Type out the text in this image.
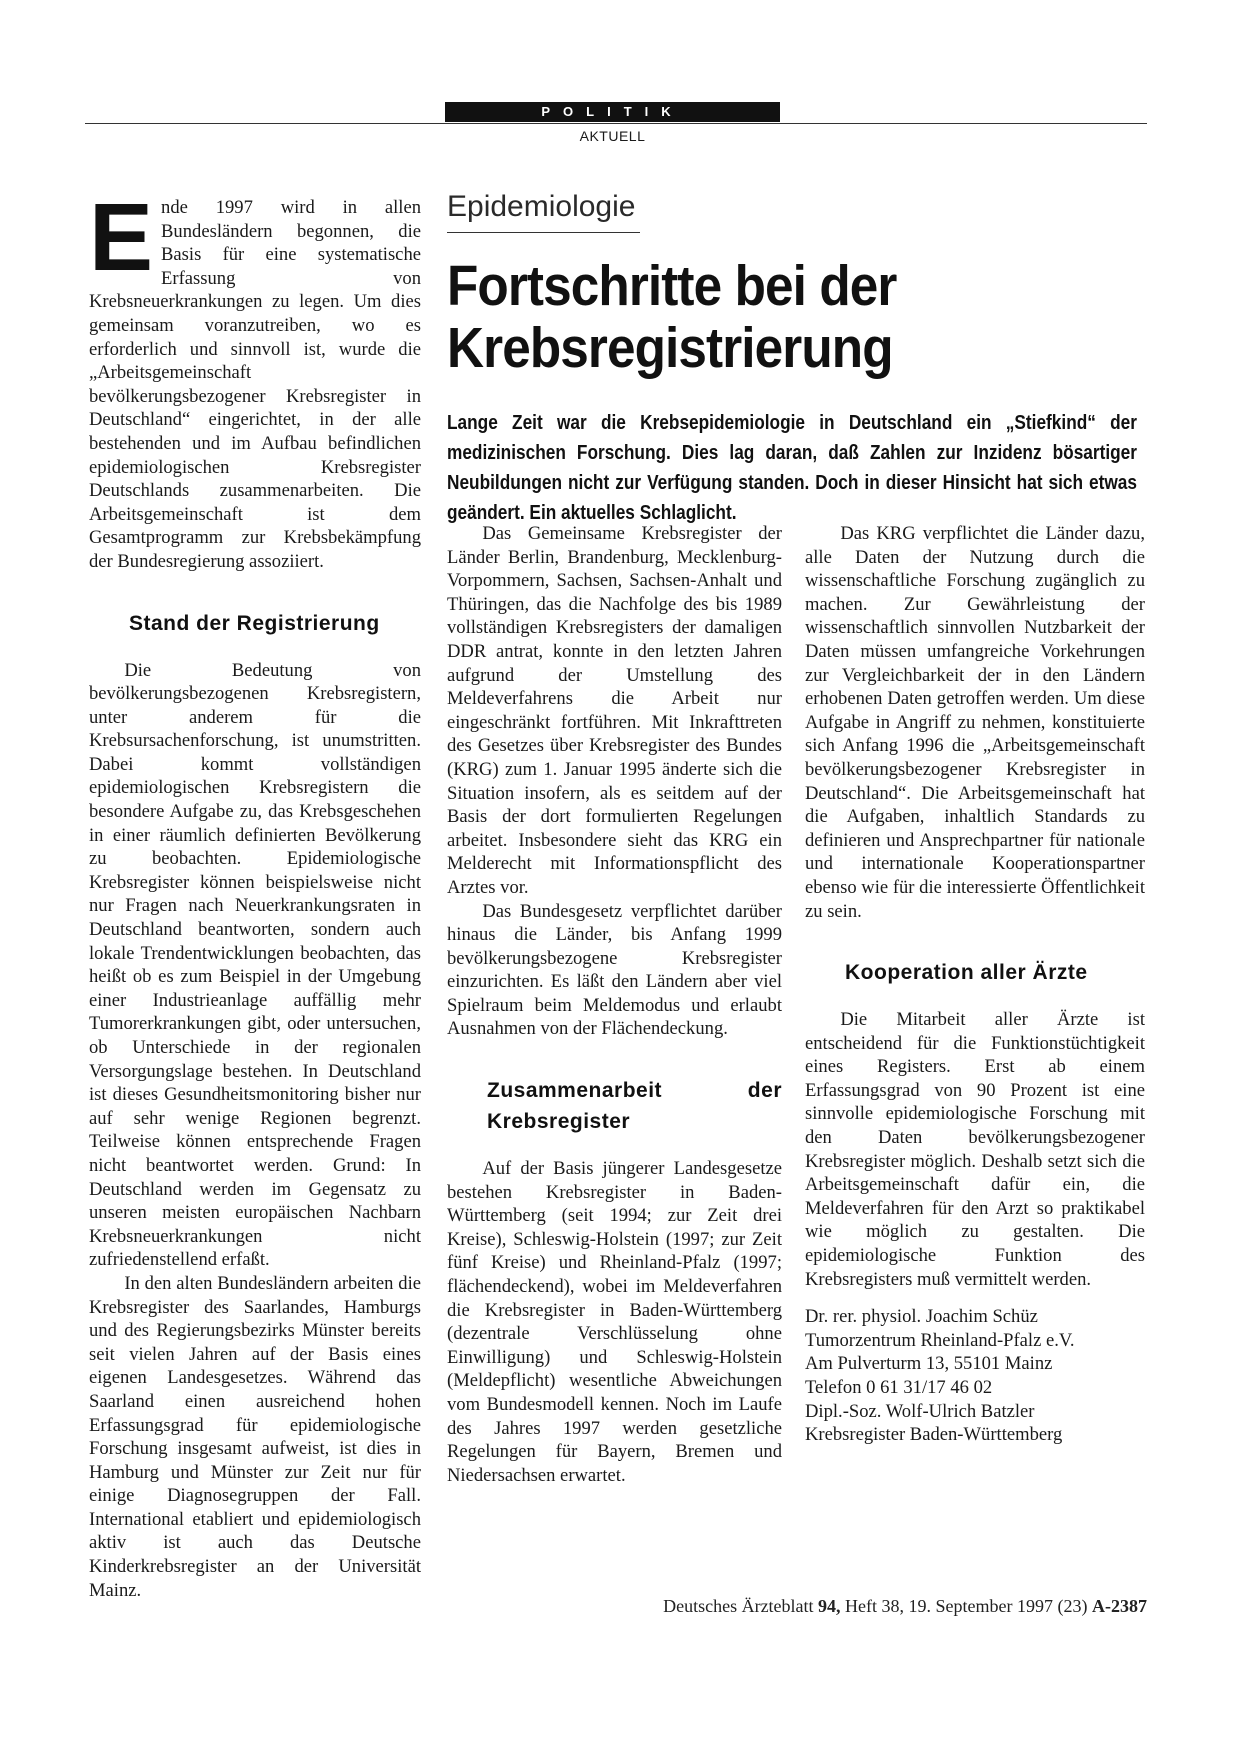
POLITIK
AKTUELL
Epidemiologie
Fortschritte bei der Krebsregistrierung

Lange Zeit war die Krebsepidemiologie in Deutschland ein „Stiefkind“ der medizinischen Forschung. Dies lag daran, daß Zahlen zur Inzidenz bösartiger Neubildungen nicht zur Verfügung standen. Doch in dieser Hinsicht hat sich etwas geändert. Ein aktuelles Schlaglicht.

Ende 1997 wird in allen Bundesländern begonnen, die Basis für eine systematische Erfassung von Krebsneuerkrankungen zu legen. Um dies gemeinsam voranzutreiben, wo es erforderlich und sinnvoll ist, wurde die „Arbeitsgemeinschaft bevölkerungsbezogener Krebsregister in Deutschland“ eingerichtet, in der alle bestehenden und im Aufbau befindlichen epidemiologischen Krebsregister Deutschlands zusammenarbeiten. Die Arbeitsgemeinschaft ist dem Gesamtprogramm zur Krebsbekämpfung der Bundesregierung assoziiert.

Stand der Registrierung

Die Bedeutung von bevölkerungsbezogenen Krebsregistern, unter anderem für die Krebsursachenforschung, ist unumstritten. Dabei kommt vollständigen epidemiologischen Krebsregistern die besondere Aufgabe zu, das Krebsgeschehen in einer räumlich definierten Bevölkerung zu beobachten. Epidemiologische Krebsregister können beispielsweise nicht nur Fragen nach Neuerkrankungsraten in Deutschland beantworten, sondern auch lokale Trendentwicklungen beobachten, das heißt ob es zum Beispiel in der Umgebung einer Industrieanlage auffällig mehr Tumorerkrankungen gibt, oder untersuchen, ob Unterschiede in der regionalen Versorgungslage bestehen. In Deutschland ist dieses Gesundheitsmonitoring bisher nur auf sehr wenige Regionen begrenzt. Teilweise können entsprechende Fragen nicht beantwortet werden. Grund: In Deutschland werden im Gegensatz zu unseren meisten europäischen Nachbarn Krebsneuerkrankungen nicht zufriedenstellend erfaßt.

In den alten Bundesländern arbeiten die Krebsregister des Saarlandes, Hamburgs und des Regierungsbezirks Münster bereits seit vielen Jahren auf der Basis eines eigenen Landesgesetzes. Während das Saarland einen ausreichend hohen Erfassungsgrad für epidemiologische Forschung insgesamt aufweist, ist dies in Hamburg und Münster zur Zeit nur für einige Diagnosegruppen der Fall. International etabliert und epidemiologisch aktiv ist auch das Deutsche Kinderkrebsregister an der Universität Mainz.

Das Gemeinsame Krebsregister der Länder Berlin, Brandenburg, Mecklenburg-Vorpommern, Sachsen, Sachsen-Anhalt und Thüringen, das die Nachfolge des bis 1989 vollständigen Krebsregisters der damaligen DDR antrat, konnte in den letzten Jahren aufgrund der Umstellung des Meldeverfahrens die Arbeit nur eingeschränkt fortführen. Mit Inkrafttreten des Gesetzes über Krebsregister des Bundes (KRG) zum 1. Januar 1995 änderte sich die Situation insofern, als es seitdem auf der Basis der dort formulierten Regelungen arbeitet. Insbesondere sieht das KRG ein Melderecht mit Informationspflicht des Arztes vor.

Das Bundesgesetz verpflichtet darüber hinaus die Länder, bis Anfang 1999 bevölkerungsbezogene Krebsregister einzurichten. Es läßt den Ländern aber viel Spielraum beim Meldemodus und erlaubt Ausnahmen von der Flächendeckung.

Zusammenarbeit der Krebsregister

Auf der Basis jüngerer Landesgesetze bestehen Krebsregister in Baden-Württemberg (seit 1994; zur Zeit drei Kreise), Schleswig-Holstein (1997; zur Zeit fünf Kreise) und Rheinland-Pfalz (1997; flächendeckend), wobei im Meldeverfahren die Krebsregister in Baden-Württemberg (dezentrale Verschlüsselung ohne Einwilligung) und Schleswig-Holstein (Meldepflicht) wesentliche Abweichungen vom Bundesmodell kennen. Noch im Laufe des Jahres 1997 werden gesetzliche Regelungen für Bayern, Bremen und Niedersachsen erwartet.

Das KRG verpflichtet die Länder dazu, alle Daten der Nutzung durch die wissenschaftliche Forschung zugänglich zu machen. Zur Gewährleistung der wissenschaftlich sinnvollen Nutzbarkeit der Daten müssen umfangreiche Vorkehrungen zur Vergleichbarkeit der in den Ländern erhobenen Daten getroffen werden. Um diese Aufgabe in Angriff zu nehmen, konstituierte sich Anfang 1996 die „Arbeitsgemeinschaft bevölkerungsbezogener Krebsregister in Deutschland“. Die Arbeitsgemeinschaft hat die Aufgaben, inhaltlich Standards zu definieren und Ansprechpartner für nationale und internationale Kooperationspartner ebenso wie für die interessierte Öffentlichkeit zu sein.

Kooperation aller Ärzte

Die Mitarbeit aller Ärzte ist entscheidend für die Funktionstüchtigkeit eines Registers. Erst ab einem Erfassungsgrad von 90 Prozent ist eine sinnvolle epidemiologische Forschung mit den Daten bevölkerungsbezogener Krebsregister möglich. Deshalb setzt sich die Arbeitsgemeinschaft dafür ein, die Meldeverfahren für den Arzt so praktikabel wie möglich zu gestalten. Die epidemiologische Funktion des Krebsregisters muß vermittelt werden.

Dr. rer. physiol. Joachim Schüz

Tumorzentrum Rheinland-Pfalz e.V.

Am Pulverturm 13, 55101 Mainz

Telefon 0 61 31/17 46 02

Dipl.-Soz. Wolf-Ulrich Batzler

Krebsregister Baden-Württemberg

Deutsches Ärzteblatt 94, Heft 38, 19. September 1997 (23) A-2387
